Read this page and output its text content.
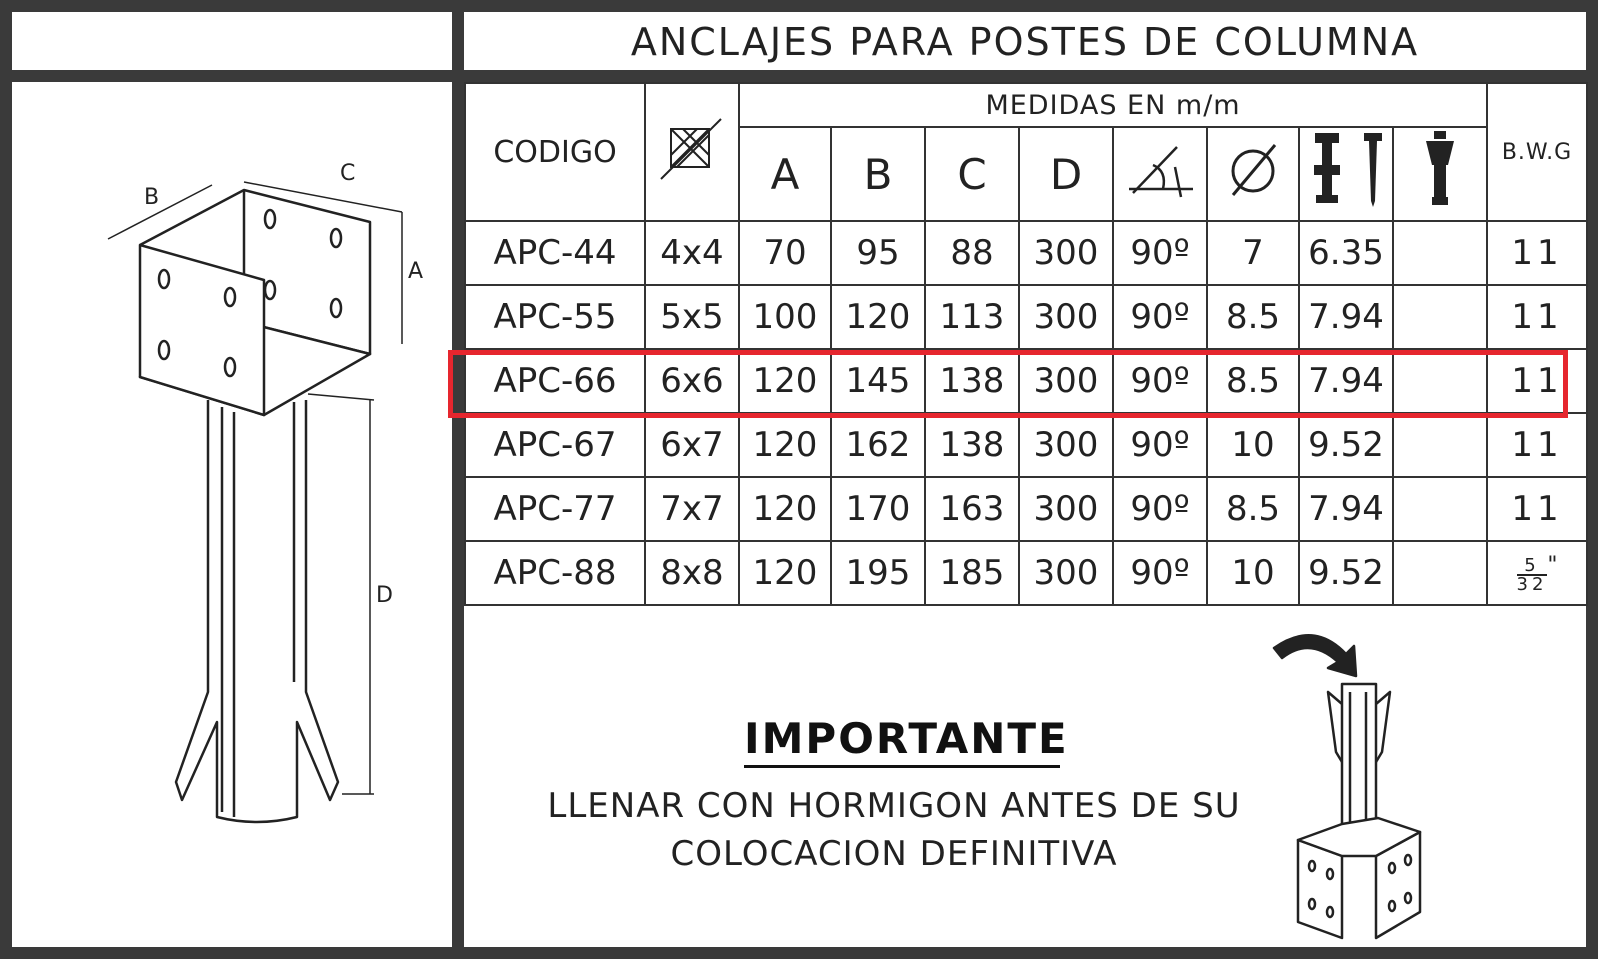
ANCLAJES PARA POSTES DE COLUMNA
B
C
A
D
CODIGO		MEDIDAS EN m/m								B.W.G
		A	B	C	D				
APC-44	4x4	70	95	88	300	90º	7	6.35		11
APC-55	5x5	100	120	113	300	90º	8.5	7.94		11
APC-66	6x6	120	145	138	300	90º	8.5	7.94		11
APC-67	6x7	120	162	138	300	90º	10	9.52		11
APC-77	7x7	120	170	163	300	90º	8.5	7.94		11
APC-88	8x8	120	195	185	300	90º	10	9.52		$\frac{5}{32} ^"$
IMPORTANTE
LLENAR CON HORMIGON ANTES DE SU
COLOCACION DEFINITIVA
